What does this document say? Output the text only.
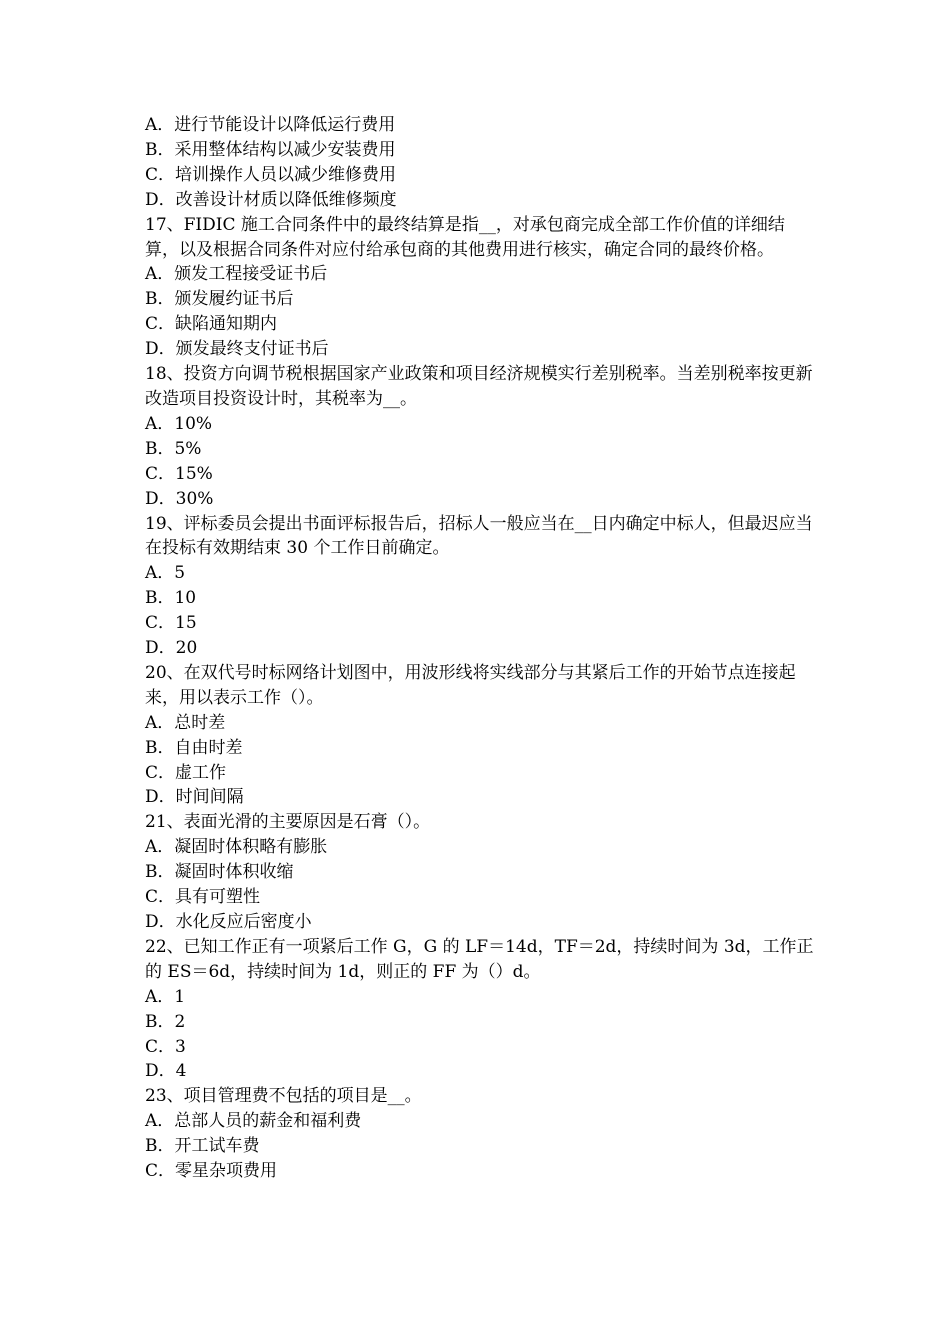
A．进行节能设计以降低运行费用
B．采用整体结构以减少安装费用
C．培训操作人员以减少维修费用
D．改善设计材质以降低维修频度
17、FIDIC 施工合同条件中的最终结算是指__，对承包商完成全部工作价值的详细结算，以及根据合同条件对应付给承包商的其他费用进行核实，确定合同的最终价格。
A．颁发工程接受证书后
B．颁发履约证书后
C．缺陷通知期内
D．颁发最终支付证书后
18、投资方向调节税根据国家产业政策和项目经济规模实行差别税率。当差别税率按更新改造项目投资设计时，其税率为__。
A．10%
B．5%
C．15%
D．30%
19、评标委员会提出书面评标报告后，招标人一般应当在__日内确定中标人，但最迟应当在投标有效期结束 30 个工作日前确定。
A．5
B．10
C．15
D．20
20、在双代号时标网络计划图中，用波形线将实线部分与其紧后工作的开始节点连接起来，用以表示工作（）。
A．总时差
B．自由时差
C．虚工作
D．时间间隔
21、表面光滑的主要原因是石膏（）。
A．凝固时体积略有膨胀
B．凝固时体积收缩
C．具有可塑性
D．水化反应后密度小
22、已知工作正有一项紧后工作 G，G 的 LF＝14d，TF＝2d，持续时间为 3d，工作正的 ES＝6d，持续时间为 1d，则正的 FF 为（）d。
A．1
B．2
C．3
D．4
23、项目管理费不包括的项目是__。
A．总部人员的薪金和福利费
B．开工试车费
C．零星杂项费用
